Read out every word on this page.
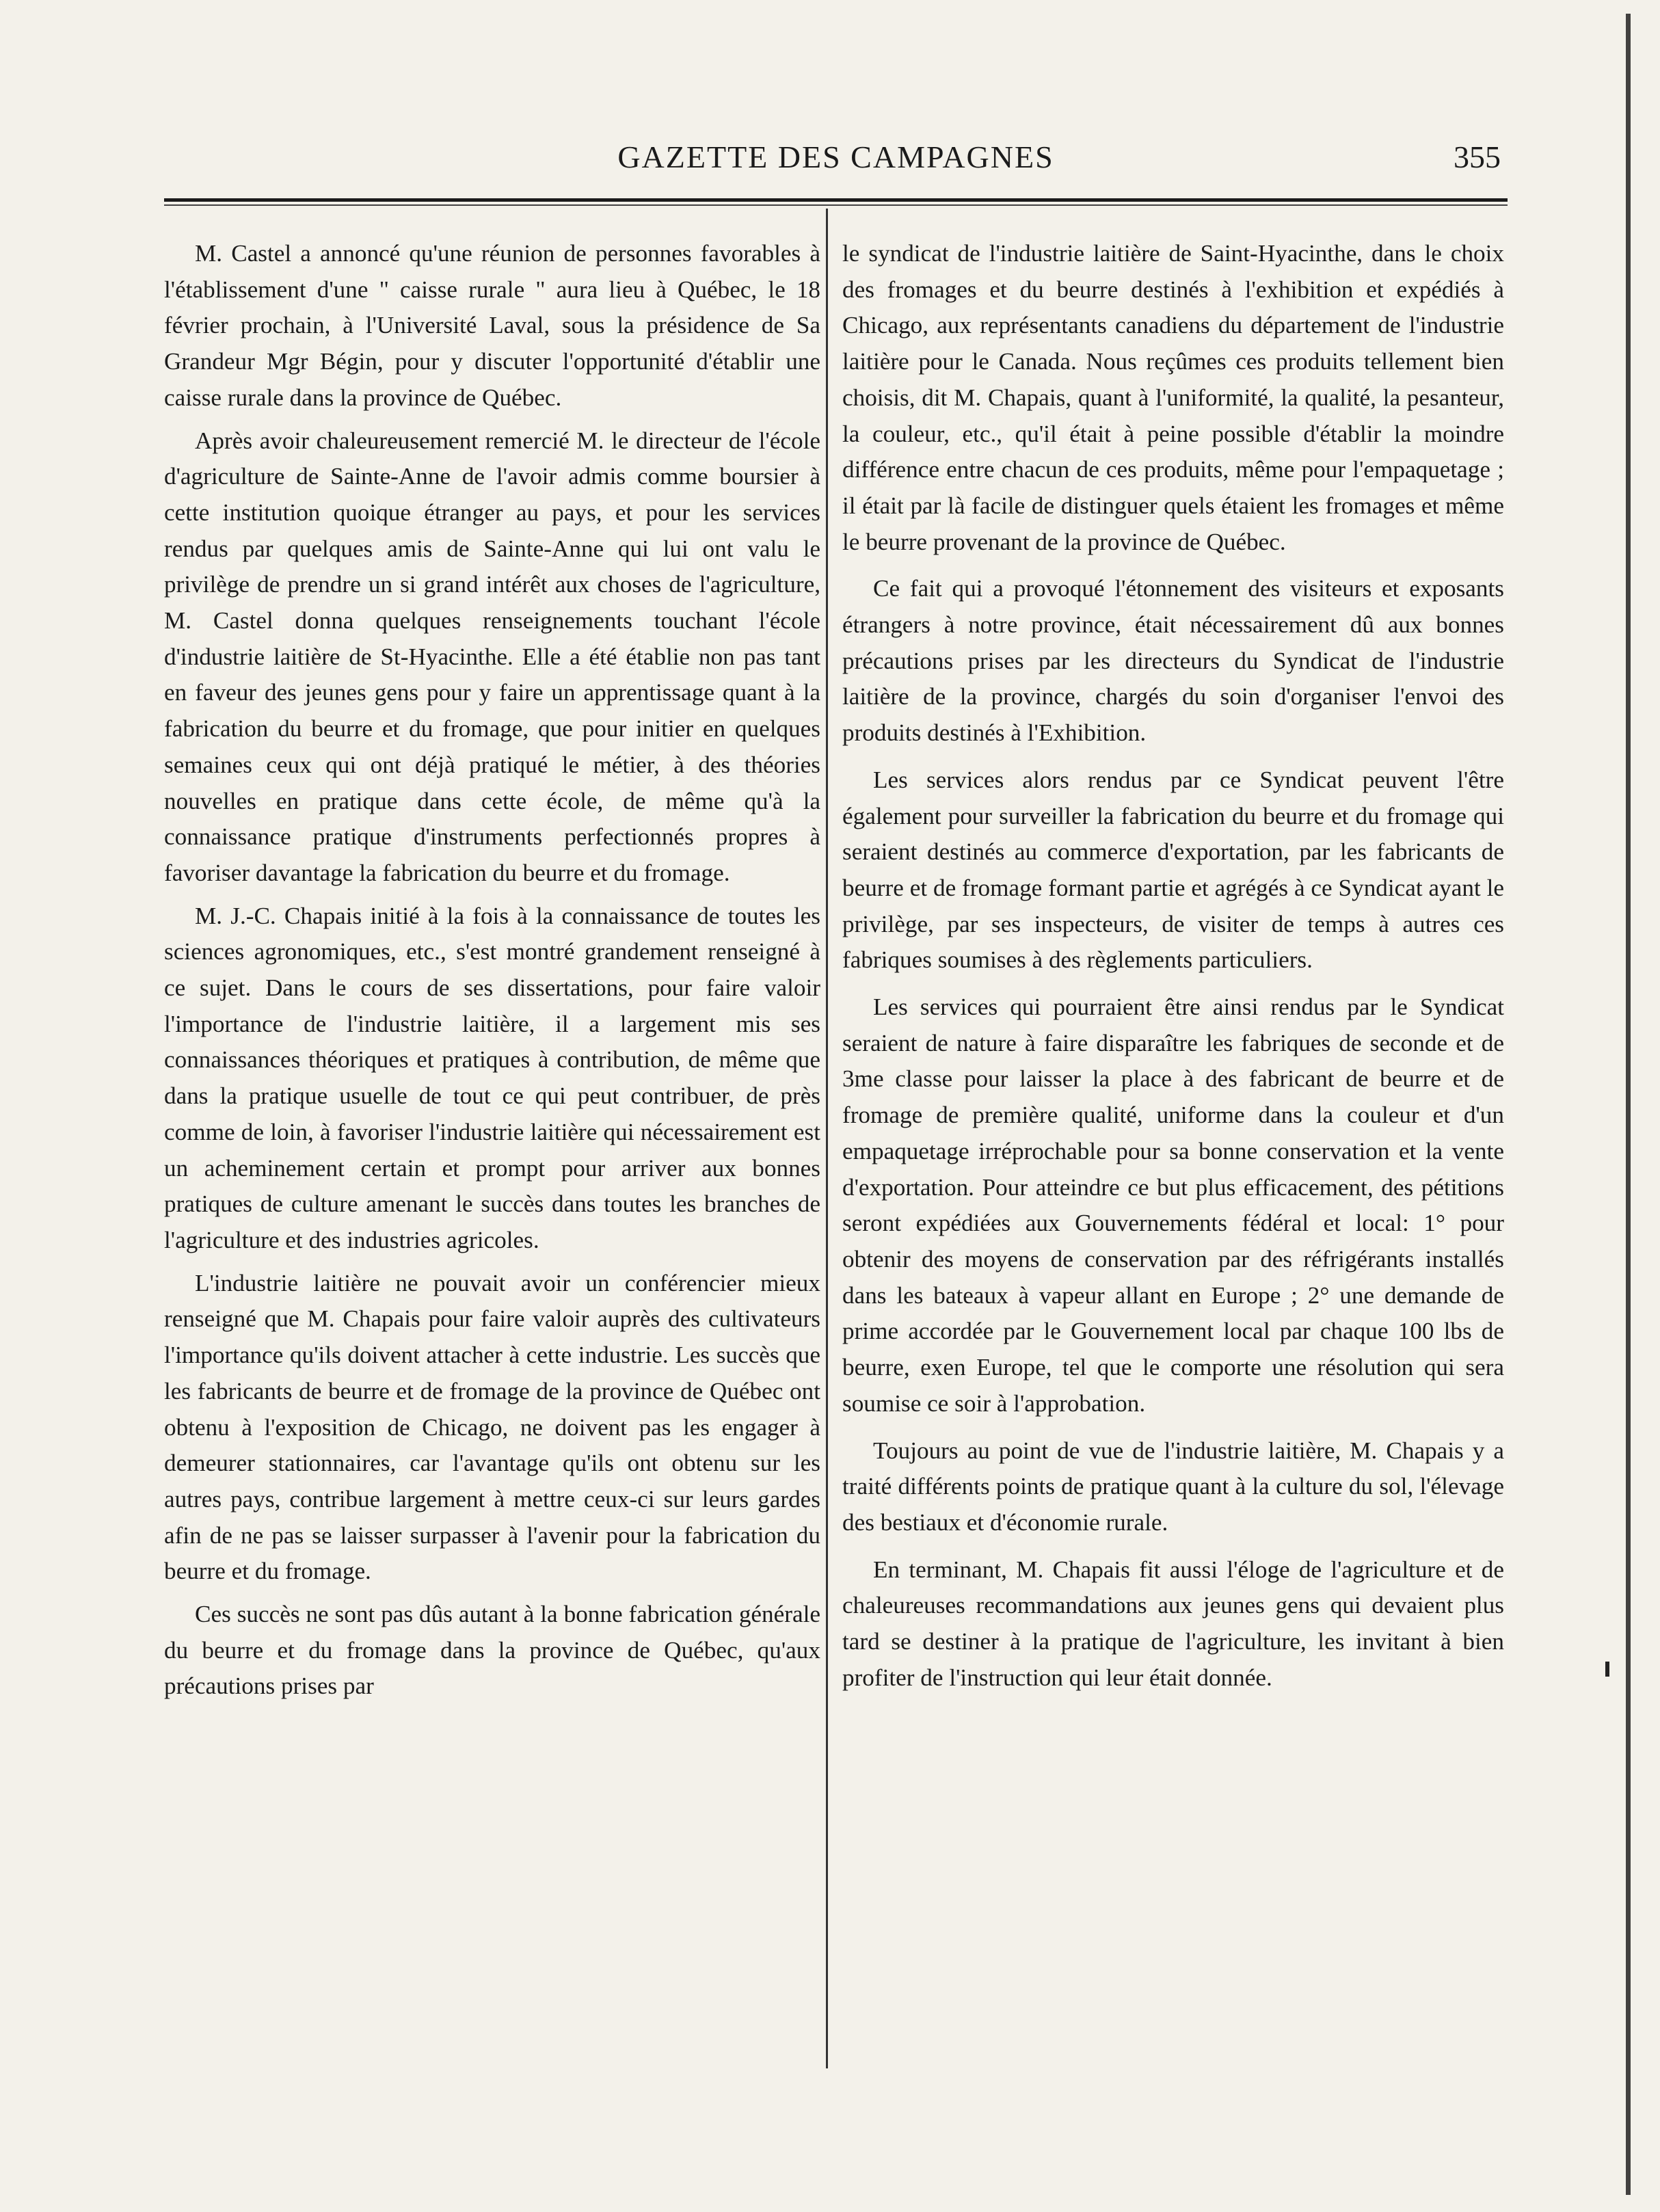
GAZETTE DES CAMPAGNES	355

M. Castel a annoncé qu'une réunion de personnes favorables à l'établissement d'une " caisse rurale " aura lieu à Québec, le 18 février prochain, à l'Université Laval, sous la présidence de Sa Grandeur Mgr Bégin, pour y discuter l'opportunité d'établir une caisse rurale dans la province de Québec.

Après avoir chaleureusement remercié M. le directeur de l'école d'agriculture de Sainte-Anne de l'avoir admis comme boursier à cette institution quoique étranger au pays, et pour les services rendus par quelques amis de Sainte-Anne qui lui ont valu le privilège de prendre un si grand intérêt aux choses de l'agriculture, M. Castel donna quelques renseignements touchant l'école d'industrie laitière de St-Hyacinthe. Elle a été établie non pas tant en faveur des jeunes gens pour y faire un apprentissage quant à la fabrication du beurre et du fromage, que pour initier en quelques semaines ceux qui ont déjà pratiqué le métier, à des théories nouvelles en pratique dans cette école, de même qu'à la connaissance pratique d'instruments perfectionnés propres à favoriser davantage la fabrication du beurre et du fromage.

M. J.-C. Chapais initié à la fois à la connaissance de toutes les sciences agronomiques, etc., s'est montré grandement renseigné à ce sujet. Dans le cours de ses dissertations, pour faire valoir l'importance de l'industrie laitière, il a largement mis ses connaissances théoriques et pratiques à contribution, de même que dans la pratique usuelle de tout ce qui peut contribuer, de près comme de loin, à favoriser l'industrie laitière qui nécessairement est un acheminement certain et prompt pour arriver aux bonnes pratiques de culture amenant le succès dans toutes les branches de l'agriculture et des industries agricoles.

L'industrie laitière ne pouvait avoir un conférencier mieux renseigné que M. Chapais pour faire valoir auprès des cultivateurs l'importance qu'ils doivent attacher à cette industrie. Les succès que les fabricants de beurre et de fromage de la province de Québec ont obtenu à l'exposition de Chicago, ne doivent pas les engager à demeurer stationnaires, car l'avantage qu'ils ont obtenu sur les autres pays, contribue largement à mettre ceux-ci sur leurs gardes afin de ne pas se laisser surpasser à l'avenir pour la fabrication du beurre et du fromage.

Ces succès ne sont pas dûs autant à la bonne fabrication générale du beurre et du fromage dans la province de Québec, qu'aux précautions prises par

le syndicat de l'industrie laitière de Saint-Hyacinthe, dans le choix des fromages et du beurre destinés à l'exhibition et expédiés à Chicago, aux représentants canadiens du département de l'industrie laitière pour le Canada. Nous reçûmes ces produits tellement bien choisis, dit M. Chapais, quant à l'uniformité, la qualité, la pesanteur, la couleur, etc., qu'il était à peine possible d'établir la moindre différence entre chacun de ces produits, même pour l'empaquetage ; il était par là facile de distinguer quels étaient les fromages et même le beurre provenant de la province de Québec.

Ce fait qui a provoqué l'étonnement des visiteurs et exposants étrangers à notre province, était nécessairement dû aux bonnes précautions prises par les directeurs du Syndicat de l'industrie laitière de la province, chargés du soin d'organiser l'envoi des produits destinés à l'Exhibition.

Les services alors rendus par ce Syndicat peuvent l'être également pour surveiller la fabrication du beurre et du fromage qui seraient destinés au commerce d'exportation, par les fabricants de beurre et de fromage formant partie et agrégés à ce Syndicat ayant le privilège, par ses inspecteurs, de visiter de temps à autres ces fabriques soumises à des règlements particuliers.

Les services qui pourraient être ainsi rendus par le Syndicat seraient de nature à faire disparaître les fabriques de seconde et de 3me classe pour laisser la place à des fabricant de beurre et de fromage de première qualité, uniforme dans la couleur et d'un empaquetage irréprochable pour sa bonne conservation et la vente d'exportation. Pour atteindre ce but plus efficacement, des pétitions seront expédiées aux Gouvernements fédéral et local: 1° pour obtenir des moyens de conservation par des réfrigérants installés dans les bateaux à vapeur allant en Europe ; 2° une demande de prime accordée par le Gouvernement local par chaque 100 lbs de beurre, exen Europe, tel que le comporte une résolution qui sera soumise ce soir à l'approbation.

Toujours au point de vue de l'industrie laitière, M. Chapais y a traité différents points de pratique quant à la culture du sol, l'élevage des bestiaux et d'économie rurale.

En terminant, M. Chapais fit aussi l'éloge de l'agriculture et de chaleureuses recommandations aux jeunes gens qui devaient plus tard se destiner à la pratique de l'agriculture, les invitant à bien profiter de l'instruction qui leur était donnée.
